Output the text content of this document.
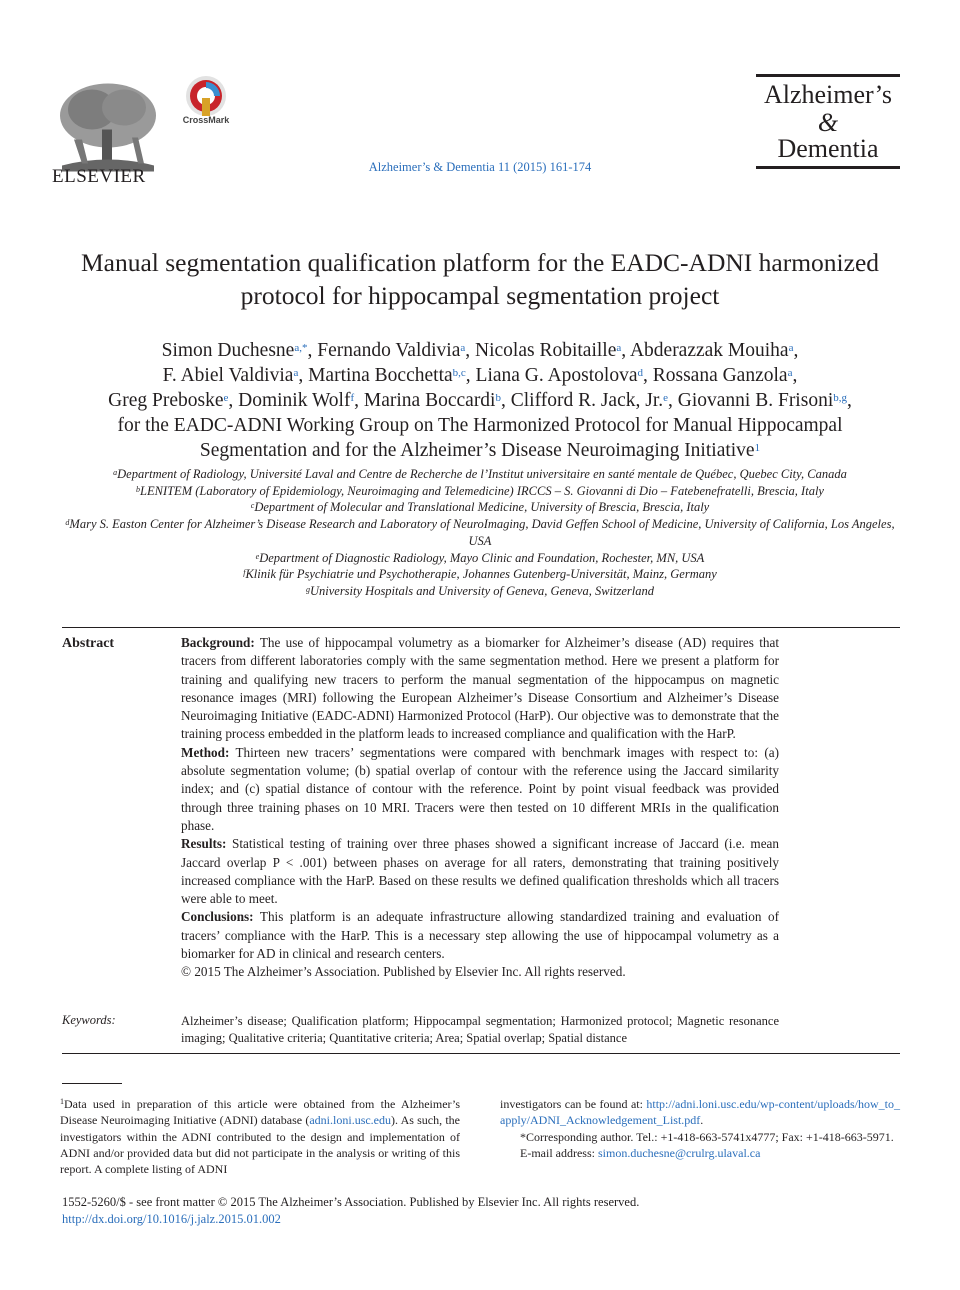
ELSEVIER
CrossMark
Alzheimer’s & Dementia 11 (2015) 161-174
Alzheimer’s
&
Dementia
Manual segmentation qualification platform for the EADC-ADNI harmonized protocol for hippocampal segmentation project
Simon Duchesne$^{a,*}$, Fernando Valdivia$^a$, Nicolas Robitaille$^a$, Abderazzak Mouiha$^a$,
F. Abiel Valdivia$^a$, Martina Bocchetta$^{b,c}$, Liana G. Apostolova$^d$, Rossana Ganzola$^a$,
Greg Preboske$^e$, Dominik Wolf$^f$, Marina Boccardi$^b$, Clifford R. Jack, Jr.$^e$, Giovanni B. Frisoni$^{b,g}$,
for the EADC-ADNI Working Group on The Harmonized Protocol for Manual Hippocampal
Segmentation and for the Alzheimer’s Disease Neuroimaging Initiative$^1$
$^a$Department of Radiology, Université Laval and Centre de Recherche de l’Institut universitaire en santé mentale de Québec, Quebec City, Canada
$^b$LENITEM (Laboratory of Epidemiology, Neuroimaging and Telemedicine) IRCCS – S. Giovanni di Dio – Fatebenefratelli, Brescia, Italy
$^c$Department of Molecular and Translational Medicine, University of Brescia, Brescia, Italy
$^d$Mary S. Easton Center for Alzheimer’s Disease Research and Laboratory of NeuroImaging, David Geffen School of Medicine, University of California, Los Angeles, USA
$^e$Department of Diagnostic Radiology, Mayo Clinic and Foundation, Rochester, MN, USA
$^f$Klinik für Psychiatrie und Psychotherapie, Johannes Gutenberg-Universität, Mainz, Germany
$^g$University Hospitals and University of Geneva, Geneva, Switzerland
Abstract	Background: The use of hippocampal volumetry as a biomarker for Alzheimer’s disease (AD) requires that tracers from different laboratories comply with the same segmentation method. Here we present a platform for training and qualifying new tracers to perform the manual segmentation of the hippocampus on magnetic resonance images (MRI) following the European Alzheimer’s Disease Consortium and Alzheimer’s Disease Neuroimaging Initiative (EADC-ADNI) Harmonized Protocol (HarP). Our objective was to demonstrate that the training process embedded in the platform leads to increased compliance and qualification with the HarP.

Method: Thirteen new tracers’ segmentations were compared with benchmark images with respect to: (a) absolute segmentation volume; (b) spatial overlap of contour with the reference using the Jaccard similarity index; and (c) spatial distance of contour with the reference. Point by point visual feedback was provided through three training phases on 10 MRI. Tracers were then tested on 10 different MRIs in the qualification phase.

Results: Statistical testing of training over three phases showed a significant increase of Jaccard (i.e. mean Jaccard overlap P < .001) between phases on average for all raters, demonstrating that training positively increased compliance with the HarP. Based on these results we defined qualification thresholds which all tracers were able to meet.

Conclusions: This platform is an adequate infrastructure allowing standardized training and evaluation of tracers’ compliance with the HarP. This is a necessary step allowing the use of hippocampal volumetry as a biomarker for AD in clinical and research centers.

© 2015 The Alzheimer’s Association. Published by Elsevier Inc. All rights reserved.

Keywords:	Alzheimer’s disease; Qualification platform; Hippocampal segmentation; Harmonized protocol; Magnetic resonance imaging; Qualitative criteria; Quantitative criteria; Area; Spatial overlap; Spatial distance
$^1$Data used in preparation of this article were obtained from the Alzheimer’s Disease Neuroimaging Initiative (ADNI) database (adni.loni.usc.edu). As such, the investigators within the ADNI contributed to the design and implementation of ADNI and/or provided data but did not participate in the analysis or writing of this report. A complete listing of ADNI

investigators can be found at: http://adni.loni.usc.edu/wp-content/uploads/how_to_apply/ADNI_Acknowledgement_List.pdf.

*Corresponding author. Tel.: +1-418-663-5741x4777; Fax: +1-418-663-5971.

E-mail address: simon.duchesne@crulrg.ulaval.ca

1552-5260/$ - see front matter © 2015 The Alzheimer’s Association. Published by Elsevier Inc. All rights reserved.
http://dx.doi.org/10.1016/j.jalz.2015.01.002
